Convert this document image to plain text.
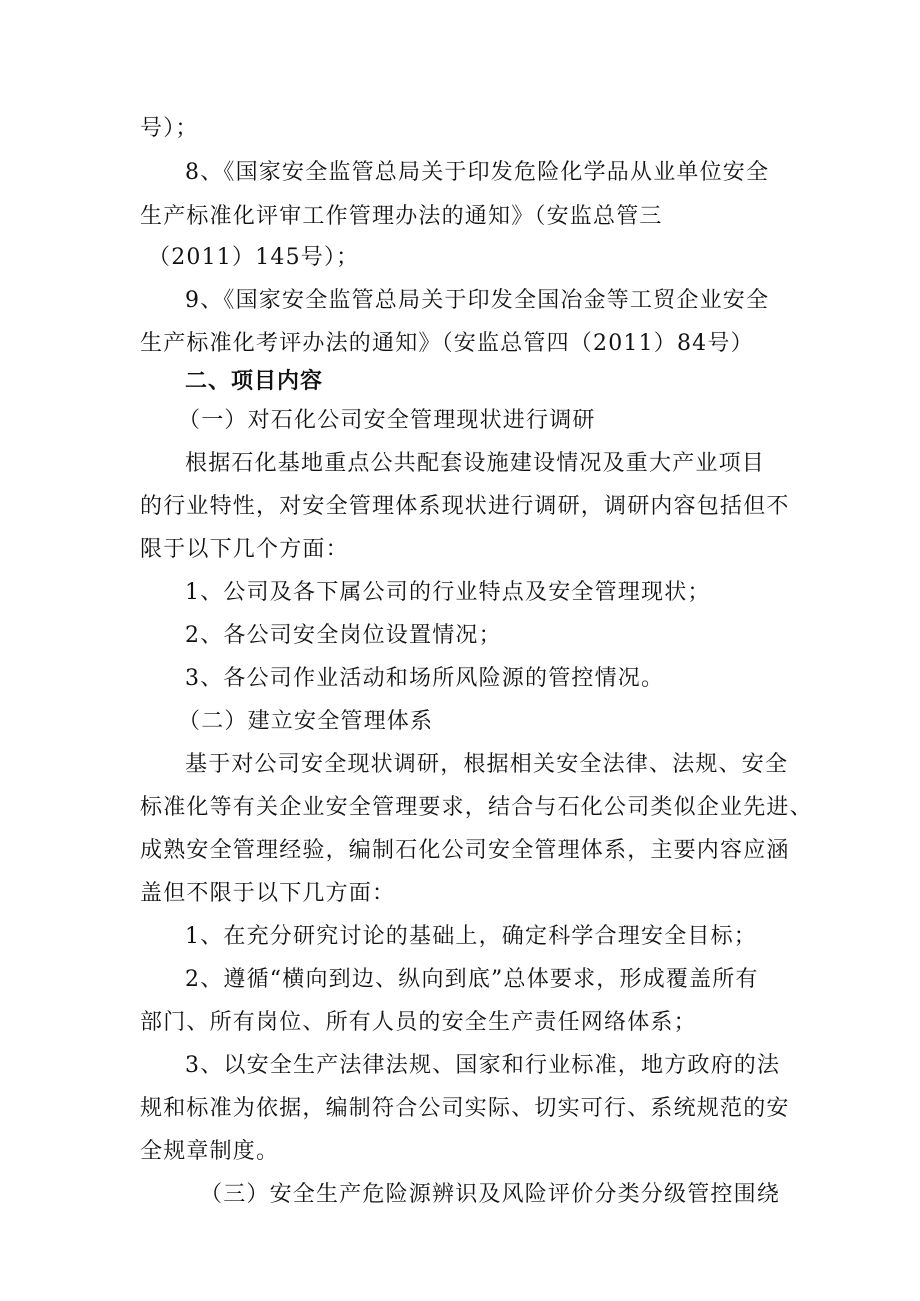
号）；
8、《国家安全监管总局关于印发危险化学品从业单位安全
生产标准化评审工作管理办法的通知》（安监总管三
（2011）145号）；
9、《国家安全监管总局关于印发全国冶金等工贸企业安全
生产标准化考评办法的通知》（安监总管四（2011）84号）
二、项目内容
（一）对石化公司安全管理现状进行调研
根据石化基地重点公共配套设施建设情况及重大产业项目
的行业特性，对安全管理体系现状进行调研，调研内容包括但不
限于以下几个方面：
1、公司及各下属公司的行业特点及安全管理现状；
2、各公司安全岗位设置情况；
3、各公司作业活动和场所风险源的管控情况。
（二）建立安全管理体系
基于对公司安全现状调研，根据相关安全法律、法规、安全
标准化等有关企业安全管理要求，结合与石化公司类似企业先进、
成熟安全管理经验，编制石化公司安全管理体系，主要内容应涵
盖但不限于以下几方面：
1、在充分研究讨论的基础上，确定科学合理安全目标；
2、遵循“横向到边、纵向到底”总体要求，形成覆盖所有
部门、所有岗位、所有人员的安全生产责任网络体系；
3、以安全生产法律法规、国家和行业标准，地方政府的法
规和标准为依据，编制符合公司实际、切实可行、系统规范的安
全规章制度。
（三）安全生产危险源辨识及风险评价分类分级管控围绕
